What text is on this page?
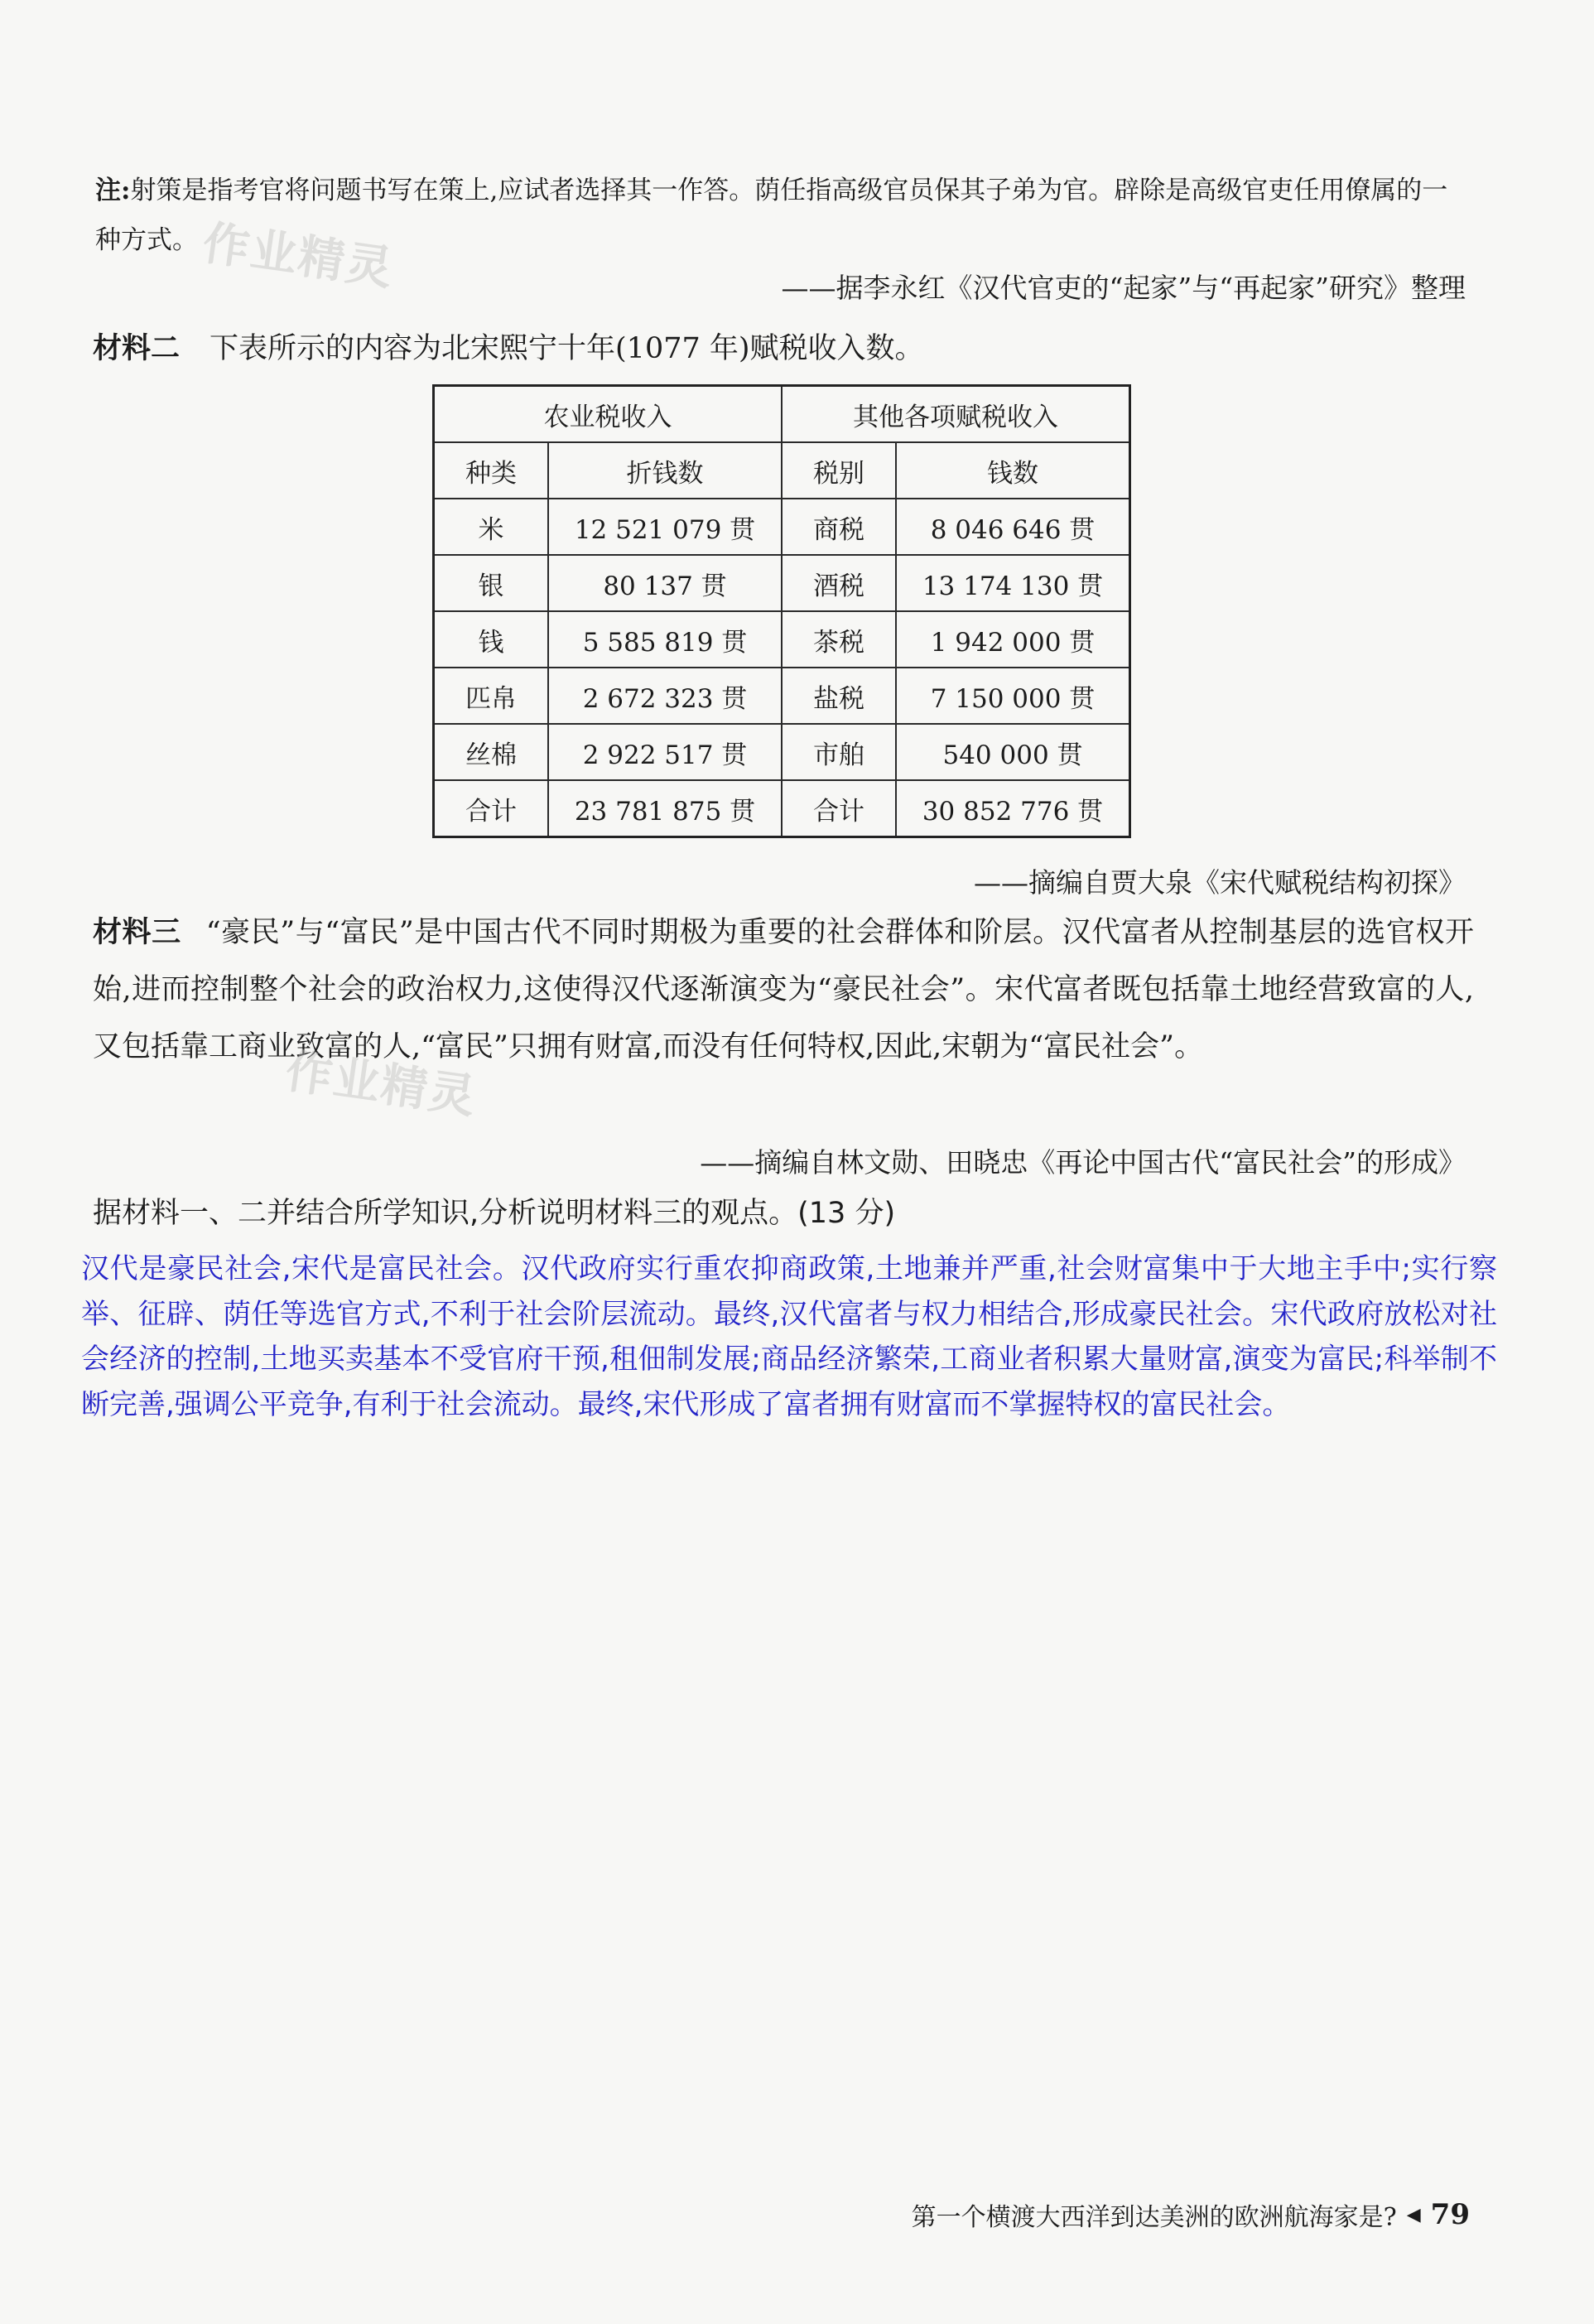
注:射策是指考官将问题书写在策上,应试者选择其一作答。荫任指高级官员保其子弟为官。辟除是高级官吏任用僚属的一种方式。
——据李永红《汉代官吏的“起家”与“再起家”研究》整理
材料二 下表所示的内容为北宋熙宁十年(1077 年)赋税收入数。
农业税收入		其他各项赋税收入	
种类	折钱数	税别	钱数
米	12 521 079 贯	商税	8 046 646 贯
银	80 137 贯	酒税	13 174 130 贯
钱	5 585 819 贯	茶税	1 942 000 贯
匹帛	2 672 323 贯	盐税	7 150 000 贯
丝棉	2 922 517 贯	市舶	540 000 贯
合计	23 781 875 贯	合计	30 852 776 贯
——摘编自贾大泉《宋代赋税结构初探》
材料三 “豪民”与“富民”是中国古代不同时期极为重要的社会群体和阶层。汉代富者从控制基层的选官权开始,进而控制整个社会的政治权力,这使得汉代逐渐演变为“豪民社会”。宋代富者既包括靠土地经营致富的人,又包括靠工商业致富的人,“富民”只拥有财富,而没有任何特权,因此,宋朝为“富民社会”。
——摘编自林文勋、田晓忠《再论中国古代“富民社会”的形成》
据材料一、二并结合所学知识,分析说明材料三的观点。(13 分)
汉代是豪民社会,宋代是富民社会。汉代政府实行重农抑商政策,土地兼并严重,社会财富集中于大地主手中;实行察举、征辟、荫任等选官方式,不利于社会阶层流动。最终,汉代富者与权力相结合,形成豪民社会。宋代政府放松对社会经济的控制,土地买卖基本不受官府干预,租佃制发展;商品经济繁荣,工商业者积累大量财富,演变为富民;科举制不断完善,强调公平竞争,有利于社会流动。最终,宋代形成了富者拥有财富而不掌握特权的富民社会。
作业精灵
作业精灵
第一个横渡大西洋到达美洲的欧洲航海家是? ◀ 79
